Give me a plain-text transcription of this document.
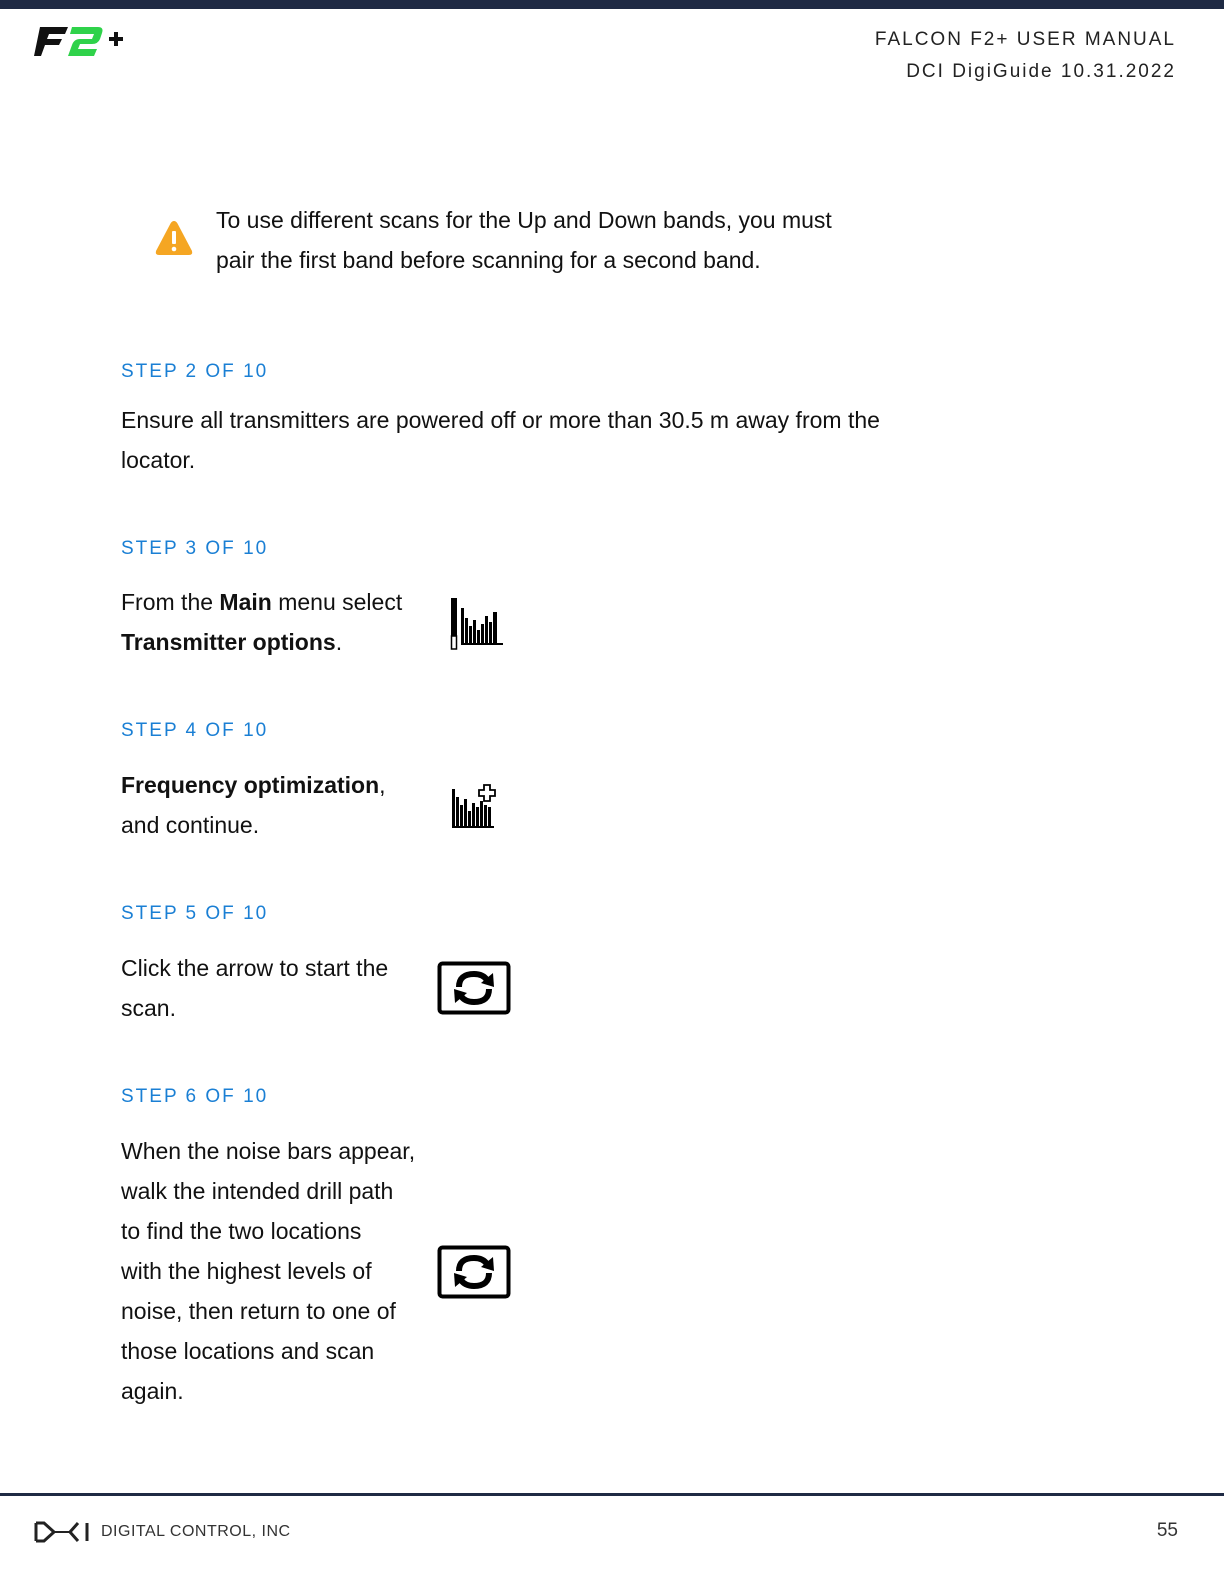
FALCON F2+ USER MANUAL
DCI DigiGuide 10.31.2022
To use different scans for the Up and Down bands, you must
pair the first band before scanning for a second band.
STEP 2 OF 10
Ensure all transmitters are powered off or more than 30.5 m away from the
locator.
STEP 3 OF 10
From the Main menu select
Transmitter options.
STEP 4 OF 10
Frequency optimization,
and continue.
STEP 5 OF 10
Click the arrow to start the
scan.
STEP 6 OF 10
When the noise bars appear,
walk the intended drill path
to find the two locations
with the highest levels of
noise, then return to one of
those locations and scan
again.
DIGITAL CONTROL, INC	55
